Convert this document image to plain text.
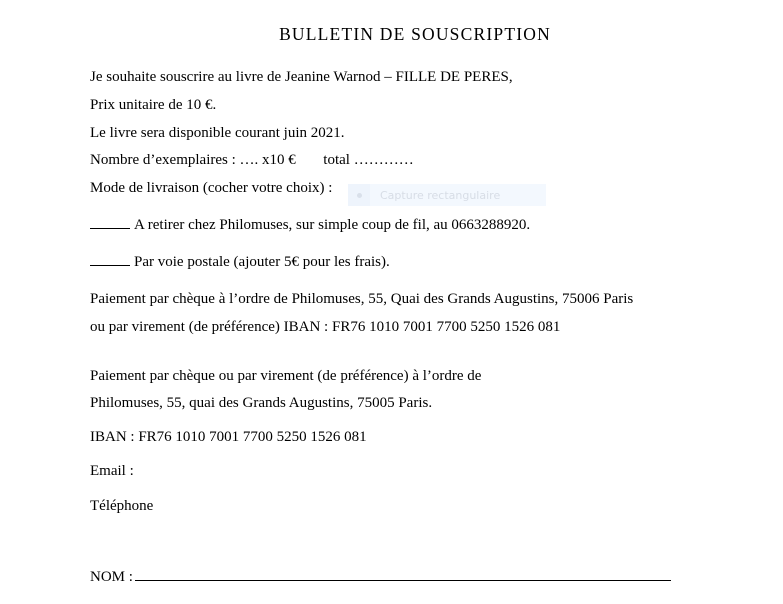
BULLETIN DE SOUSCRIPTION
Je souhaite souscrire au livre de Jeanine Warnod – FILLE DE PERES,
Prix unitaire de 10 €.
Le livre sera disponible courant juin 2021.
Nombre d’exemplaires : …. x10 € total …………
Mode de livraison (cocher votre choix) :	Capture rectangulaire
A retirer chez Philomuses, sur simple coup de fil, au 0663288920.
Par voie postale (ajouter 5€ pour les frais).
Paiement par chèque à l’ordre de Philomuses, 55, Quai des Grands Augustins, 75006 Paris
ou par virement (de préférence) IBAN : FR76 1010 7001 7700 5250 1526 081
Paiement par chèque ou par virement (de préférence) à l’ordre de
Philomuses, 55, quai des Grands Augustins, 75005 Paris.
IBAN : FR76 1010 7001 7700 5250 1526 081
Email :
Téléphone
NOM :
